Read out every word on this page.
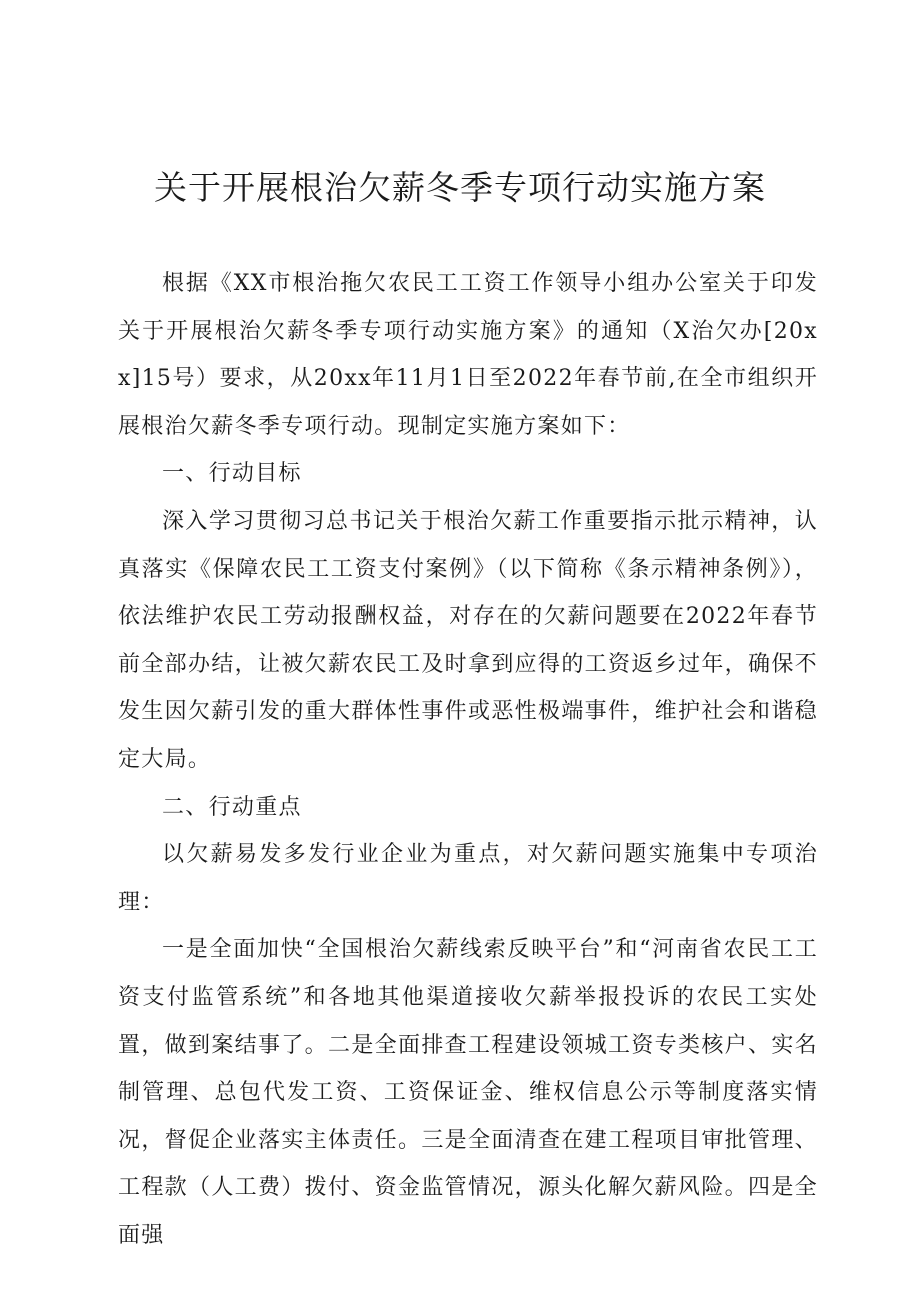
关于开展根治欠薪冬季专项行动实施方案

根据《XX市根治拖欠农民工工资工作领导小组办公室关于印发关于开展根治欠薪冬季专项行动实施方案》的通知（X治欠办[20xx]15号）要求，从20xx年11月1日至2022年春节前,在全市组织开展根治欠薪冬季专项行动。现制定实施方案如下：

一、行动目标

深入学习贯彻习总书记关于根治欠薪工作重要指示批示精神，认真落实《保障农民工工资支付案例》（以下简称《条示精神条例》），依法维护农民工劳动报酬权益，对存在的欠薪问题要在2022年春节前全部办结，让被欠薪农民工及时拿到应得的工资返乡过年，确保不发生因欠薪引发的重大群体性事件或恶性极端事件，维护社会和谐稳定大局。

二、行动重点

以欠薪易发多发行业企业为重点，对欠薪问题实施集中专项治理：

一是全面加快“全国根治欠薪线索反映平台”和“河南省农民工工资支付监管系统”和各地其他渠道接收欠薪举报投诉的农民工实处置，做到案结事了。二是全面排查工程建设领城工资专类核户、实名制管理、总包代发工资、工资保证金、维权信息公示等制度落实情况，督促企业落实主体责任。三是全面清查在建工程项目审批管理、工程款（人工费）拨付、资金监管情况，源头化解欠薪风险。四是全面强
